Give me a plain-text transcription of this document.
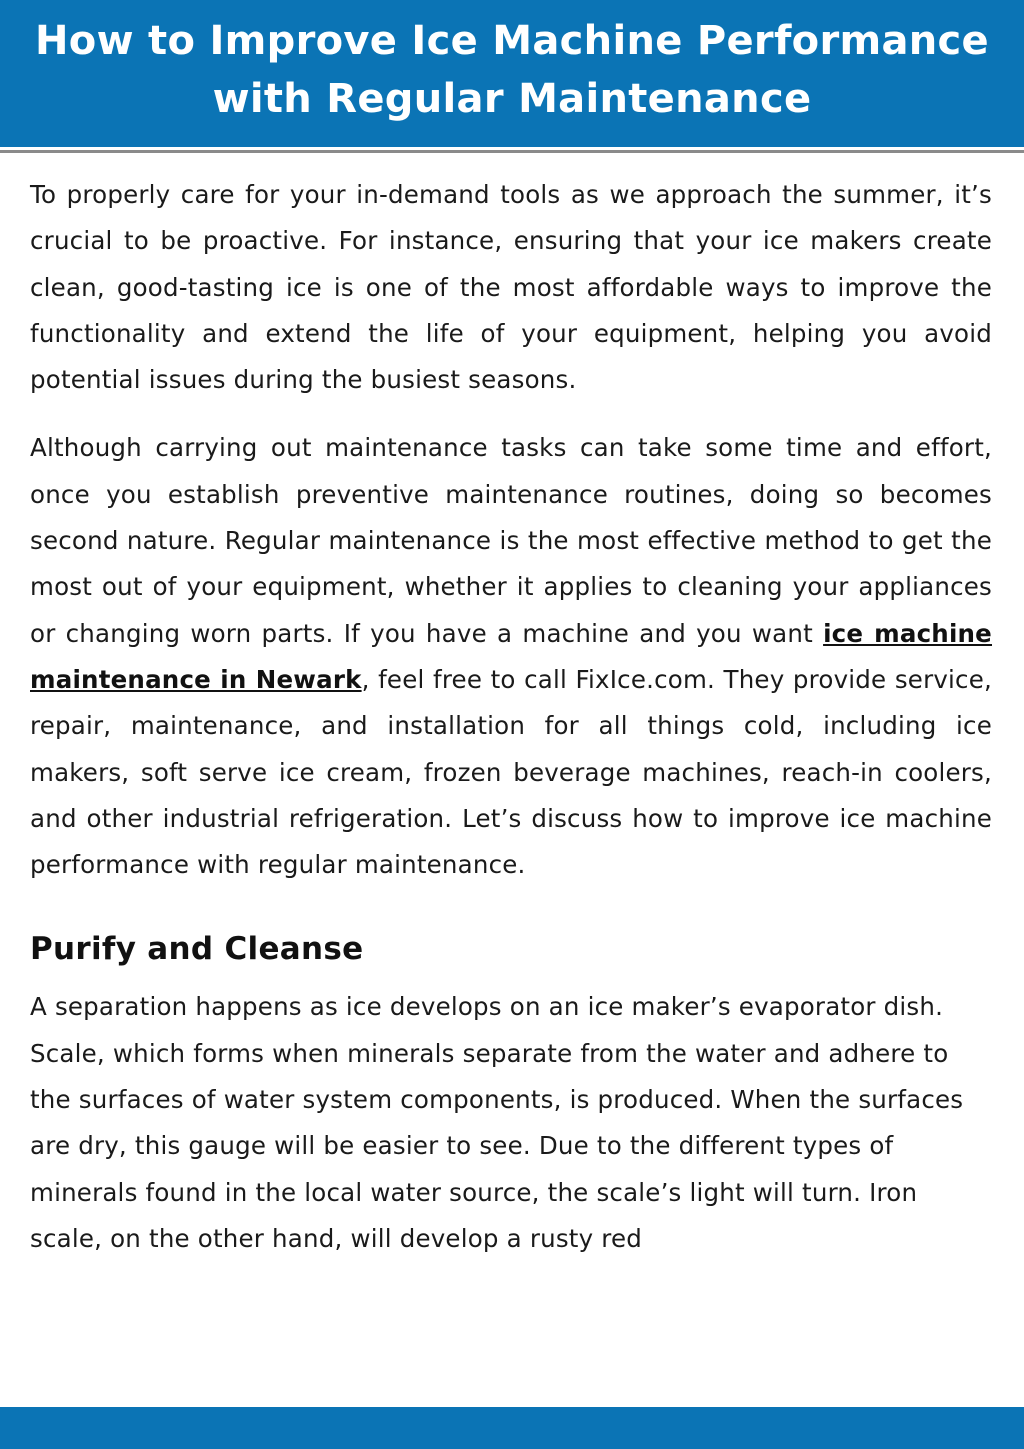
How to Improve Ice Machine Performance
with Regular Maintenance

To properly care for your in-demand tools as we approach the summer, it’s crucial to be proactive. For instance, ensuring that your ice makers create clean, good-tasting ice is one of the most affordable ways to improve the functionality and extend the life of your equipment, helping you avoid potential issues during the busiest seasons.

Although carrying out maintenance tasks can take some time and effort, once you establish preventive maintenance routines, doing so becomes second nature. Regular maintenance is the most effective method to get the most out of your equipment, whether it applies to cleaning your appliances or changing worn parts. If you have a machine and you want ice machine maintenance in Newark, feel free to call FixIce.com. They provide service, repair, maintenance, and installation for all things cold, including ice makers, soft serve ice cream, frozen beverage machines, reach-in coolers, and other industrial refrigeration. Let’s discuss how to improve ice machine performance with regular maintenance.

Purify and Cleanse

A separation happens as ice develops on an ice maker’s evaporator dish. Scale, which forms when minerals separate from the water and adhere to the surfaces of water system components, is produced. When the surfaces are dry, this gauge will be easier to see. Due to the different types of minerals found in the local water source, the scale’s light will turn. Iron scale, on the other hand, will develop a rusty red
